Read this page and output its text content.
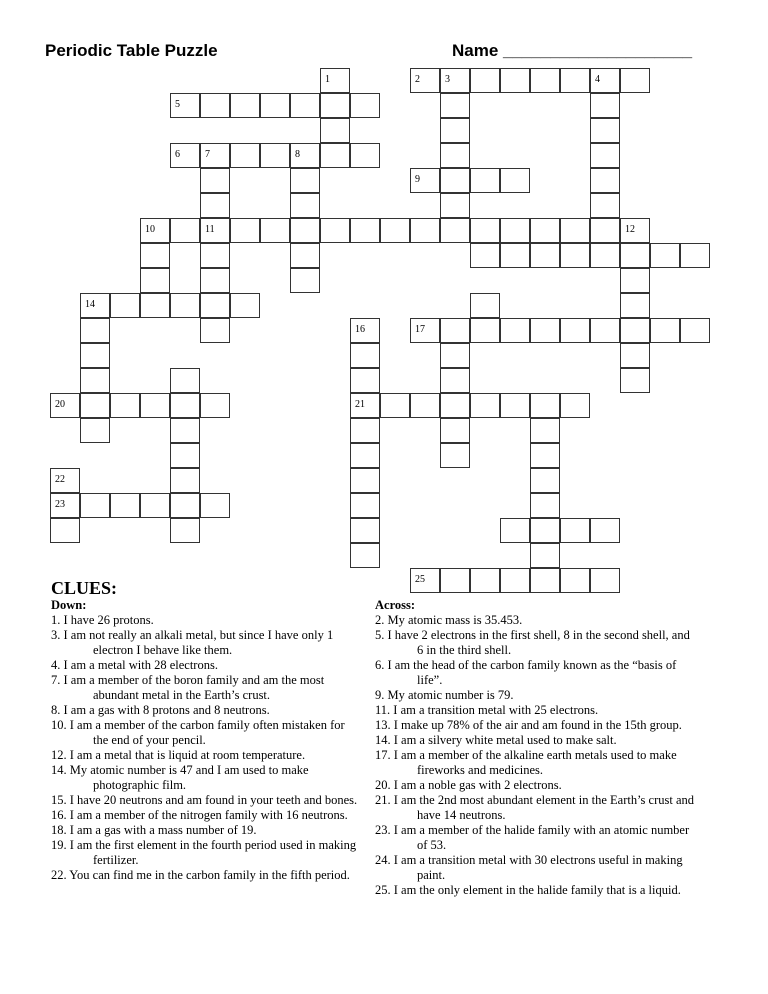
Periodic Table Puzzle	Name ____________________
1	2	3	4
5
6	7	8
9
10	11	12
14
16	17
20	21
22
23
25
CLUES:
Down:
1. I have 26 protons.
3. I am not really an alkali metal, but since I have only 1 electron I behave like them.
4. I am a metal with 28 electrons.
7. I am a member of the boron family and am the most abundant metal in the Earth’s crust.
8. I am a gas with 8 protons and 8 neutrons.
10. I am a member of the carbon family often mistaken for the end of your pencil.
12. I am a metal that is liquid at room temperature.
14. My atomic number is 47 and I am used to make photographic film.
15. I have 20 neutrons and am found in your teeth and bones.
16. I am a member of the nitrogen family with 16 neutrons.
18. I am a gas with a mass number of 19.
19. I am the first element in the fourth period used in making fertilizer.
22. You can find me in the carbon family in the fifth period.
Across:
2. My atomic mass is 35.453.
5. I have 2 electrons in the first shell, 8 in the second shell, and 6 in the third shell.
6. I am the head of the carbon family known as the “basis of life”.
9. My atomic number is 79.
11. I am a transition metal with 25 electrons.
13. I make up 78% of the air and am found in the 15th group.
14. I am a silvery white metal used to make salt.
17. I am a member of the alkaline earth metals used to make fireworks and medicines.
20. I am a noble gas with 2 electrons.
21. I am the 2nd most abundant element in the Earth’s crust and have 14 neutrons.
23. I am a member of the halide family with an atomic number of 53.
24. I am a transition metal with 30 electrons useful in making paint.
25. I am the only element in the halide family that is a liquid.
